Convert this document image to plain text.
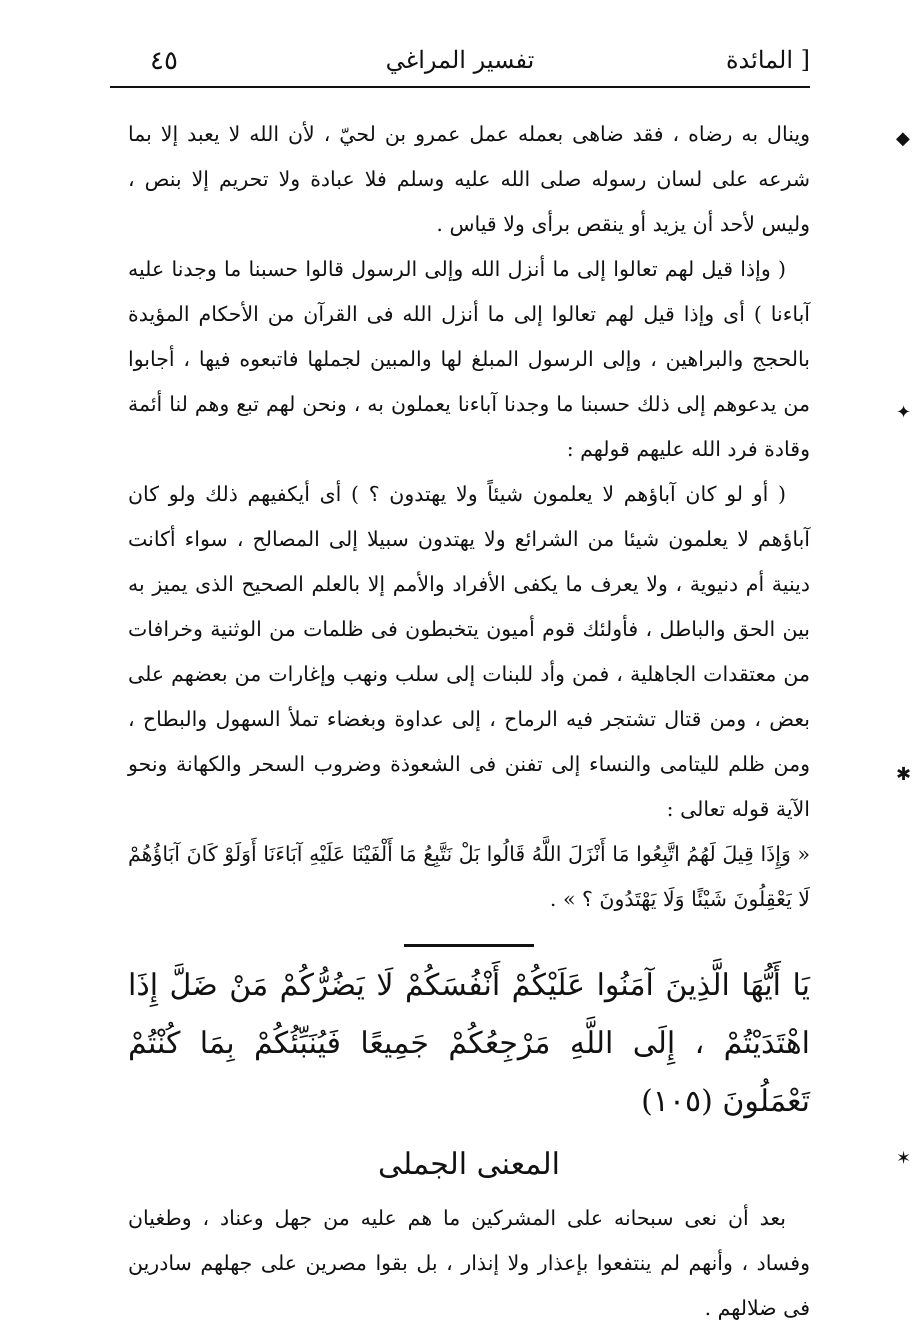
٤٥	تفسير المراغي	المائدة ]
◆
✦
✱
✶

وينال به رضاه ، فقد ضاهى بعمله عمل عمرو بن لحيّ ، لأن الله لا يعبد إلا بما شرعه على لسان رسوله صلى الله عليه وسلم فلا عبادة ولا تحريم إلا بنص ، وليس لأحد أن يزيد أو ينقص برأى ولا قياس .

( وإذا قيل لهم تعالوا إلى ما أنزل الله وإلى الرسول قالوا حسبنا ما وجدنا عليه آباءنا ) أى وإذا قيل لهم تعالوا إلى ما أنزل الله فى القرآن من الأحكام المؤيدة بالحجج والبراهين ، وإلى الرسول المبلغ لها والمبين لجملها فاتبعوه فيها ، أجابوا من يدعوهم إلى ذلك حسبنا ما وجدنا آباءنا يعملون به ، ونحن لهم تبع وهم لنا أئمة وقادة فرد الله عليهم قولهم :

( أو لو كان آباؤهم لا يعلمون شيئاً ولا يهتدون ؟ ) أى أيكفيهم ذلك ولو كان آباؤهم لا يعلمون شيئا من الشرائع ولا يهتدون سبيلا إلى المصالح ، سواء أكانت دينية أم دنيوية ، ولا يعرف ما يكفى الأفراد والأمم إلا بالعلم الصحيح الذى يميز به بين الحق والباطل ، فأولئك قوم أميون يتخبطون فى ظلمات من الوثنية وخرافات من معتقدات الجاهلية ، فمن وأد للبنات إلى سلب ونهب وإغارات من بعضهم على بعض ، ومن قتال تشتجر فيه الرماح ، إلى عداوة وبغضاء تملأ السهول والبطاح ، ومن ظلم لليتامى والنساء إلى تفنن فى الشعوذة وضروب السحر والكهانة ونحو الآية قوله تعالى :

« وَإِذَا قِيلَ لَهُمُ اتَّبِعُوا مَا أَنْزَلَ اللَّهُ قَالُوا بَلْ نَتَّبِعُ مَا أَلْفَيْنَا عَلَيْهِ آبَاءَنَا أَوَلَوْ كَانَ آبَاؤُهُمْ لَا يَعْقِلُونَ شَيْئًا وَلَا يَهْتَدُونَ ؟ » .

يَا أَيُّهَا الَّذِينَ آمَنُوا عَلَيْكُمْ أَنْفُسَكُمْ لَا يَضُرُّكُمْ مَنْ ضَلَّ إِذَا اهْتَدَيْتُمْ ، إِلَى اللَّهِ مَرْجِعُكُمْ جَمِيعًا فَيُنَبِّئُكُمْ بِمَا كُنْتُمْ تَعْمَلُونَ (١٠٥)

المعنى الجملى

بعد أن نعى سبحانه على المشركين ما هم عليه من جهل وعناد ، وطغيان وفساد ، وأنهم لم ينتفعوا بإعذار ولا إنذار ، بل بقوا مصرين على جهلهم سادرين فى ضلالهم .
